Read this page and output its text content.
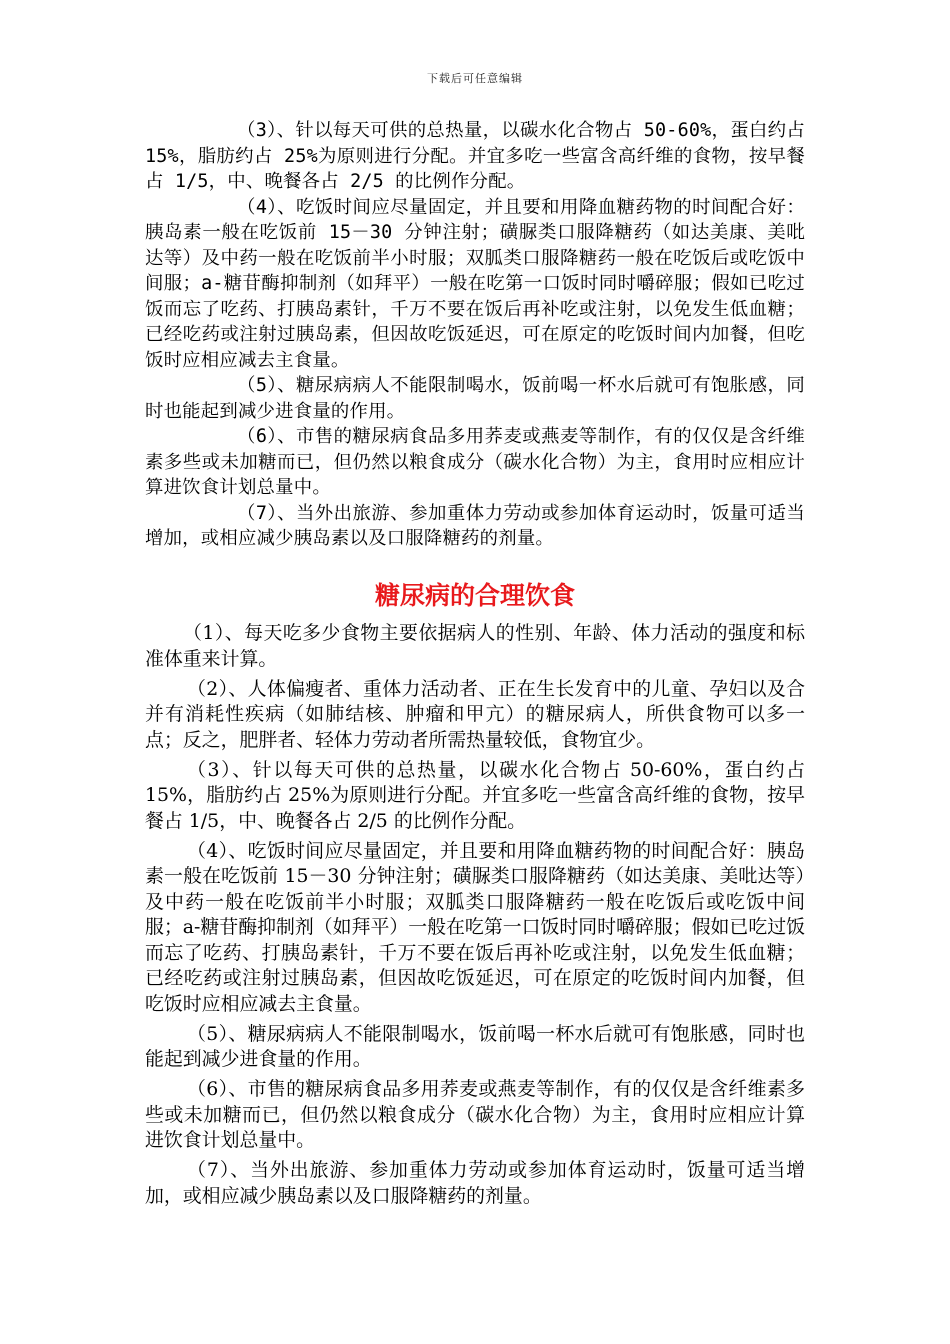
下载后可任意编辑

（3）、针以每天可供的总热量，以碳水化合物占 50-60%，蛋白约占 15%，脂肪约占 25%为原则进行分配。并宜多吃一些富含高纤维的食物，按早餐占 1/5，中、晚餐各占 2/5 的比例作分配。

（4）、吃饭时间应尽量固定，并且要和用降血糖药物的时间配合好：胰岛素一般在吃饭前 15－30 分钟注射；磺脲类口服降糖药（如达美康、美吡达等）及中药一般在吃饭前半小时服；双胍类口服降糖药一般在吃饭后或吃饭中间服；a-糖苷酶抑制剂（如拜平）一般在吃第一口饭时同时嚼碎服；假如已吃过饭而忘了吃药、打胰岛素针，千万不要在饭后再补吃或注射，以免发生低血糖；已经吃药或注射过胰岛素，但因故吃饭延迟，可在原定的吃饭时间内加餐，但吃饭时应相应减去主食量。

（5）、糖尿病病人不能限制喝水，饭前喝一杯水后就可有饱胀感，同时也能起到减少进食量的作用。

（6）、市售的糖尿病食品多用荞麦或燕麦等制作，有的仅仅是含纤维素多些或未加糖而已，但仍然以粮食成分（碳水化合物）为主，食用时应相应计算进饮食计划总量中。

（7）、当外出旅游、参加重体力劳动或参加体育运动时，饭量可适当增加，或相应减少胰岛素以及口服降糖药的剂量。

糖尿病的合理饮食

（1）、每天吃多少食物主要依据病人的性别、年龄、体力活动的强度和标准体重来计算。

（2）、人体偏瘦者、重体力活动者、正在生长发育中的儿童、孕妇以及合并有消耗性疾病（如肺结核、肿瘤和甲亢）的糖尿病人，所供食物可以多一点；反之，肥胖者、轻体力劳动者所需热量较低，食物宜少。

（3）、针以每天可供的总热量，以碳水化合物占 50-60%，蛋白约占 15%，脂肪约占 25%为原则进行分配。并宜多吃一些富含高纤维的食物，按早餐占 1/5，中、晚餐各占 2/5 的比例作分配。

（4）、吃饭时间应尽量固定，并且要和用降血糖药物的时间配合好：胰岛素一般在吃饭前 15－30 分钟注射；磺脲类口服降糖药（如达美康、美吡达等）及中药一般在吃饭前半小时服；双胍类口服降糖药一般在吃饭后或吃饭中间服；a-糖苷酶抑制剂（如拜平）一般在吃第一口饭时同时嚼碎服；假如已吃过饭而忘了吃药、打胰岛素针，千万不要在饭后再补吃或注射，以免发生低血糖；已经吃药或注射过胰岛素，但因故吃饭延迟，可在原定的吃饭时间内加餐，但吃饭时应相应减去主食量。

（5）、糖尿病病人不能限制喝水，饭前喝一杯水后就可有饱胀感，同时也能起到减少进食量的作用。

（6）、市售的糖尿病食品多用荞麦或燕麦等制作，有的仅仅是含纤维素多些或未加糖而已，但仍然以粮食成分（碳水化合物）为主，食用时应相应计算进饮食计划总量中。

（7）、当外出旅游、参加重体力劳动或参加体育运动时，饭量可适当增加，或相应减少胰岛素以及口服降糖药的剂量。
